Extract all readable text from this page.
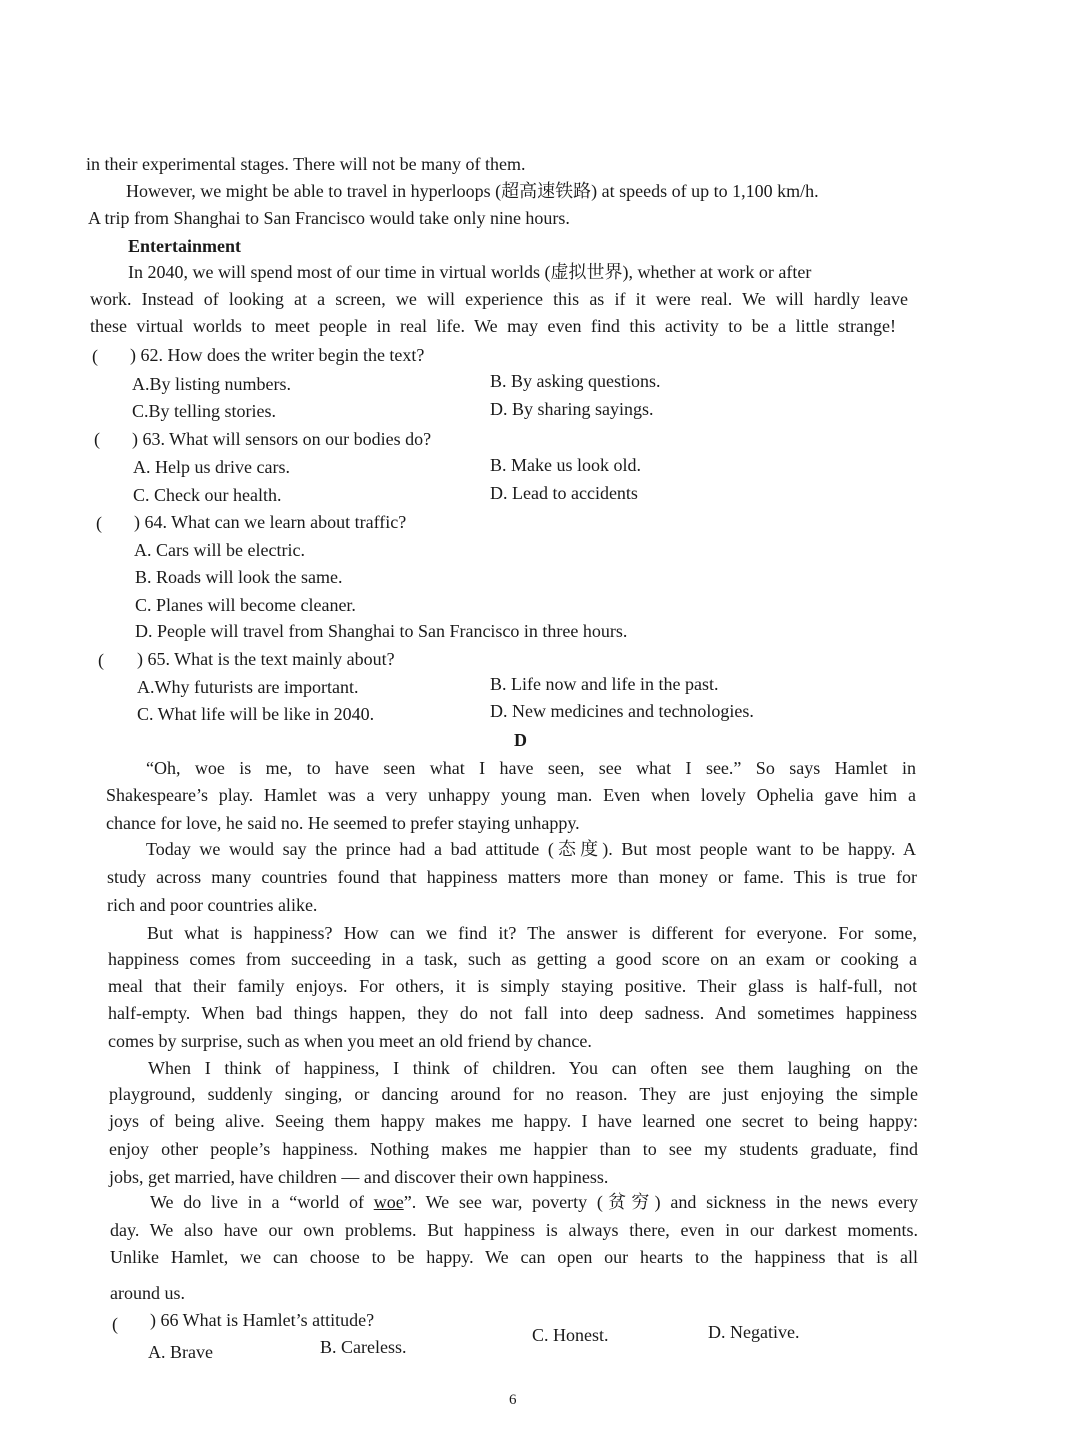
in their experimental stages. There will not be many of them.
However, we might be able to travel in hyperloops (超高速铁路) at speeds of up to 1,100 km/h.
A trip from Shanghai to San Francisco would take only nine hours.
Entertainment
In 2040, we will spend most of our time in virtual worlds (虚拟世界), whether at work or after
work. Instead of looking at a screen, we will experience this as if it were real. We will hardly leave
these virtual worlds to meet people in real life. We may even find this activity to be a little strange!
( ) 62. How does the writer begin the text?
A.By listing numbers.	B. By asking questions.
C.By telling stories.	D. By sharing sayings.
( ) 63. What will sensors on our bodies do?
A. Help us drive cars.	B. Make us look old.
C. Check our health.	D. Lead to accidents
( ) 64. What can we learn about traffic?
A. Cars will be electric.
B. Roads will look the same.
C. Planes will become cleaner.
D. People will travel from Shanghai to San Francisco in three hours.
( ) 65. What is the text mainly about?
A.Why futurists are important.	B. Life now and life in the past.
C. What life will be like in 2040.	D. New medicines and technologies.
D
“Oh, woe is me, to have seen what I have seen, see what I see.” So says Hamlet in
Shakespeare’s play. Hamlet was a very unhappy young man. Even when lovely Ophelia gave him a
chance for love, he said no. He seemed to prefer staying unhappy.
Today we would say the prince had a bad attitude (态度). But most people want to be happy. A
study across many countries found that happiness matters more than money or fame. This is true for
rich and poor countries alike.
But what is happiness? How can we find it? The answer is different for everyone. For some,
happiness comes from succeeding in a task, such as getting a good score on an exam or cooking a
meal that their family enjoys. For others, it is simply staying positive. Their glass is half-full, not
half-empty. When bad things happen, they do not fall into deep sadness. And sometimes happiness
comes by surprise, such as when you meet an old friend by chance.
When I think of happiness, I think of children. You can often see them laughing on the
playground, suddenly singing, or dancing around for no reason. They are just enjoying the simple
joys of being alive. Seeing them happy makes me happy. I have learned one secret to being happy:
enjoy other people’s happiness. Nothing makes me happier than to see my students graduate, find
jobs, get married, have children — and discover their own happiness.
We do live in a “world of woe”. We see war, poverty (贫穷) and sickness in the news every
day. We also have our own problems. But happiness is always there, even in our darkest moments.
Unlike Hamlet, we can choose to be happy. We can open our hearts to the happiness that is all
around us.
( ) 66 What is Hamlet’s attitude?
A. Brave	B. Careless.
C. Honest.	D. Negative.
6
